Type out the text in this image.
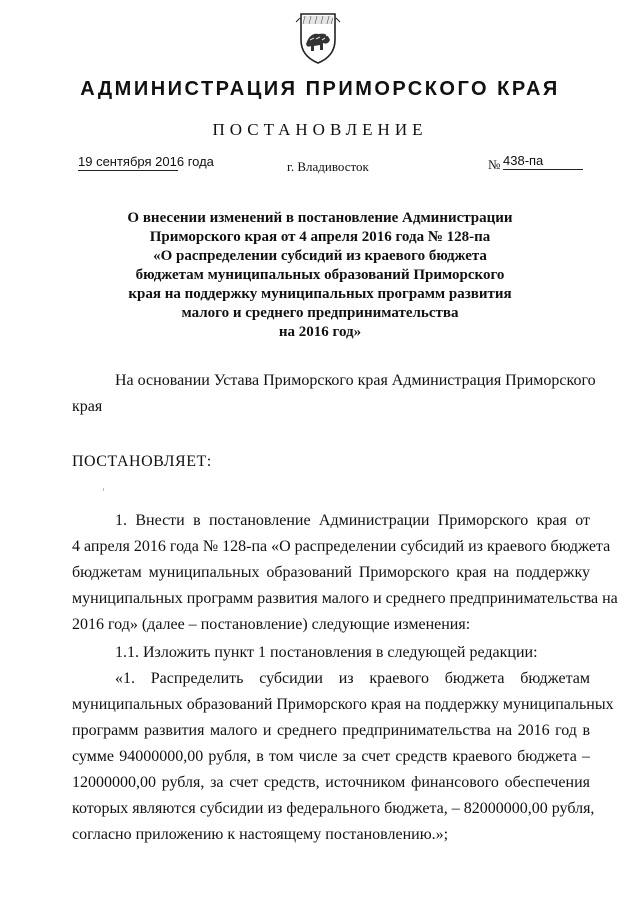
АДМИНИСТРАЦИЯ ПРИМОРСКОГО КРАЯ
ПОСТАНОВЛЕНИЕ
19 сентября 2016 года	г. Владивосток	№ 438-па
О внесении изменений в постановление Администрации
Приморского края от 4 апреля 2016 года № 128-па
«О распределении субсидий из краевого бюджета
бюджетам муниципальных образований Приморского
края на поддержку муниципальных программ развития
малого и среднего предпринимательства
на 2016 год»
На основании Устава Приморского края Администрация Приморского
края
ПОСТАНОВЛЯЕТ:
1. Внести в постановление Администрации Приморского края от
4 апреля 2016 года № 128-па «О распределении субсидий из краевого бюджета
бюджетам муниципальных образований Приморского края на поддержку
муниципальных программ развития малого и среднего предпринимательства на
2016 год» (далее – постановление) следующие изменения:
1.1. Изложить пункт 1 постановления в следующей редакции:
«1. Распределить субсидии из краевого бюджета бюджетам
муниципальных образований Приморского края на поддержку муниципальных
программ развития малого и среднего предпринимательства на 2016 год в
сумме 94000000,00 рубля, в том числе за счет средств краевого бюджета –
12000000,00 рубля, за счет средств, источником финансового обеспечения
которых являются субсидии из федерального бюджета, – 82000000,00 рубля,
согласно приложению к настоящему постановлению.»;
